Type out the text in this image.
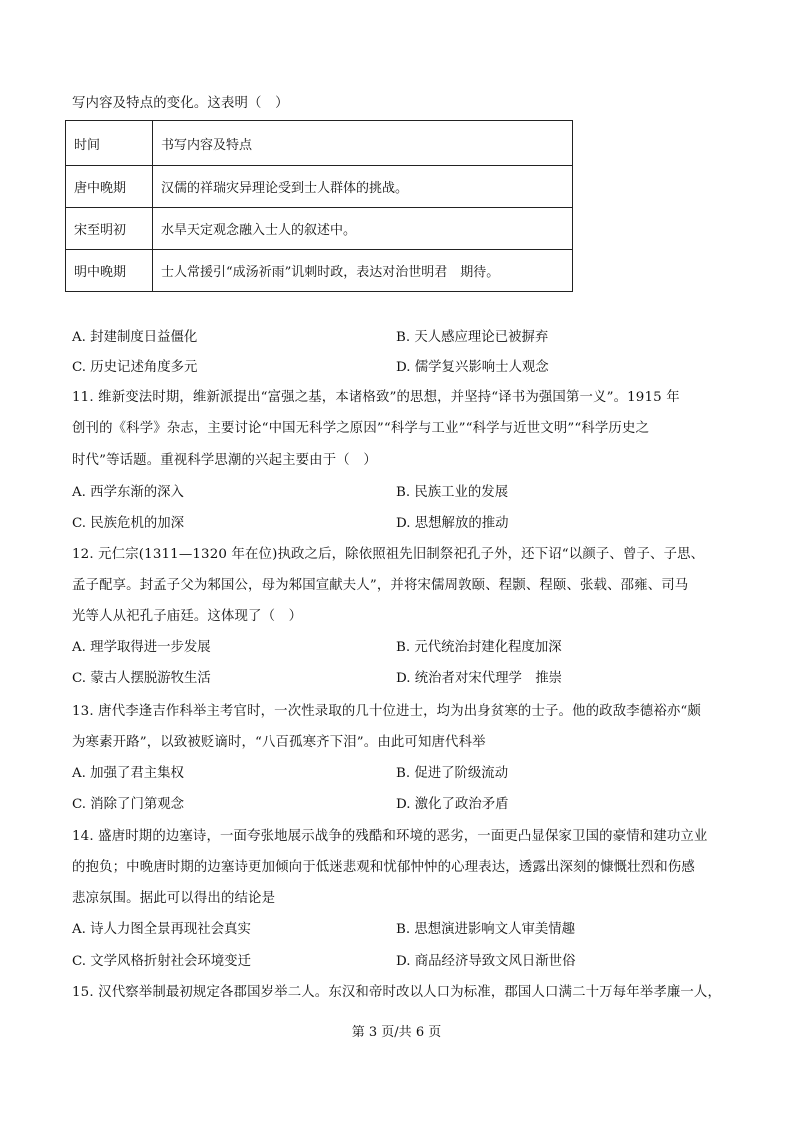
写内容及特点的变化。这表明（　）
时间	书写内容及特点
唐中晚期	汉儒的祥瑞灾异理论受到士人群体的挑战。
宋至明初	水旱天定观念融入士人的叙述中。
明中晚期	士人常援引“成汤祈雨”讥刺时政，表达对治世明君　期待。
A. 封建制度日益僵化	B. 天人感应理论已被摒弃
C. 历史记述角度多元	D. 儒学复兴影响士人观念
11. 维新变法时期，维新派提出“富强之基，本诸格致”的思想，并坚持“译书为强国第一义”。1915 年
创刊的《科学》杂志，主要讨论“中国无科学之原因”“科学与工业”“科学与近世文明”“科学历史之
时代”等话题。重视科学思潮的兴起主要由于（　）
A. 西学东渐的深入	B. 民族工业的发展
C. 民族危机的加深	D. 思想解放的推动
12. 元仁宗(1311—1320 年在位)执政之后，除依照祖先旧制祭祀孔子外，还下诏“以颜子、曾子、子思、
孟子配享。封孟子父为邾国公，母为邾国宣献夫人”，并将宋儒周敦颐、程颢、程颐、张载、邵雍、司马
光等人从祀孔子庙廷。这体现了（　）
A. 理学取得进一步发展	B. 元代统治封建化程度加深
C. 蒙古人摆脱游牧生活	D. 统治者对宋代理学　推崇
13. 唐代李逢吉作科举主考官时，一次性录取的几十位进士，均为出身贫寒的士子。他的政敌李德裕亦“颇
为寒素开路”，以致被贬谪时，“八百孤寒齐下泪”。由此可知唐代科举
A. 加强了君主集权	B. 促进了阶级流动
C. 消除了门第观念	D. 激化了政治矛盾
14. 盛唐时期的边塞诗，一面夸张地展示战争的残酷和环境的恶劣，一面更凸显保家卫国的豪情和建功立业
的抱负；中晚唐时期的边塞诗更加倾向于低迷悲观和忧郁忡忡的心理表达，透露出深刻的慷慨壮烈和伤感
悲凉氛围。据此可以得出的结论是
A. 诗人力图全景再现社会真实	B. 思想演进影响文人审美情趣
C. 文学风格折射社会环境变迁	D. 商品经济导致文风日渐世俗
15. 汉代察举制最初规定各郡国岁举二人。东汉和帝时改以人口为标准，郡国人口满二十万每年举孝廉一人，
第 3 页/共 6 页
